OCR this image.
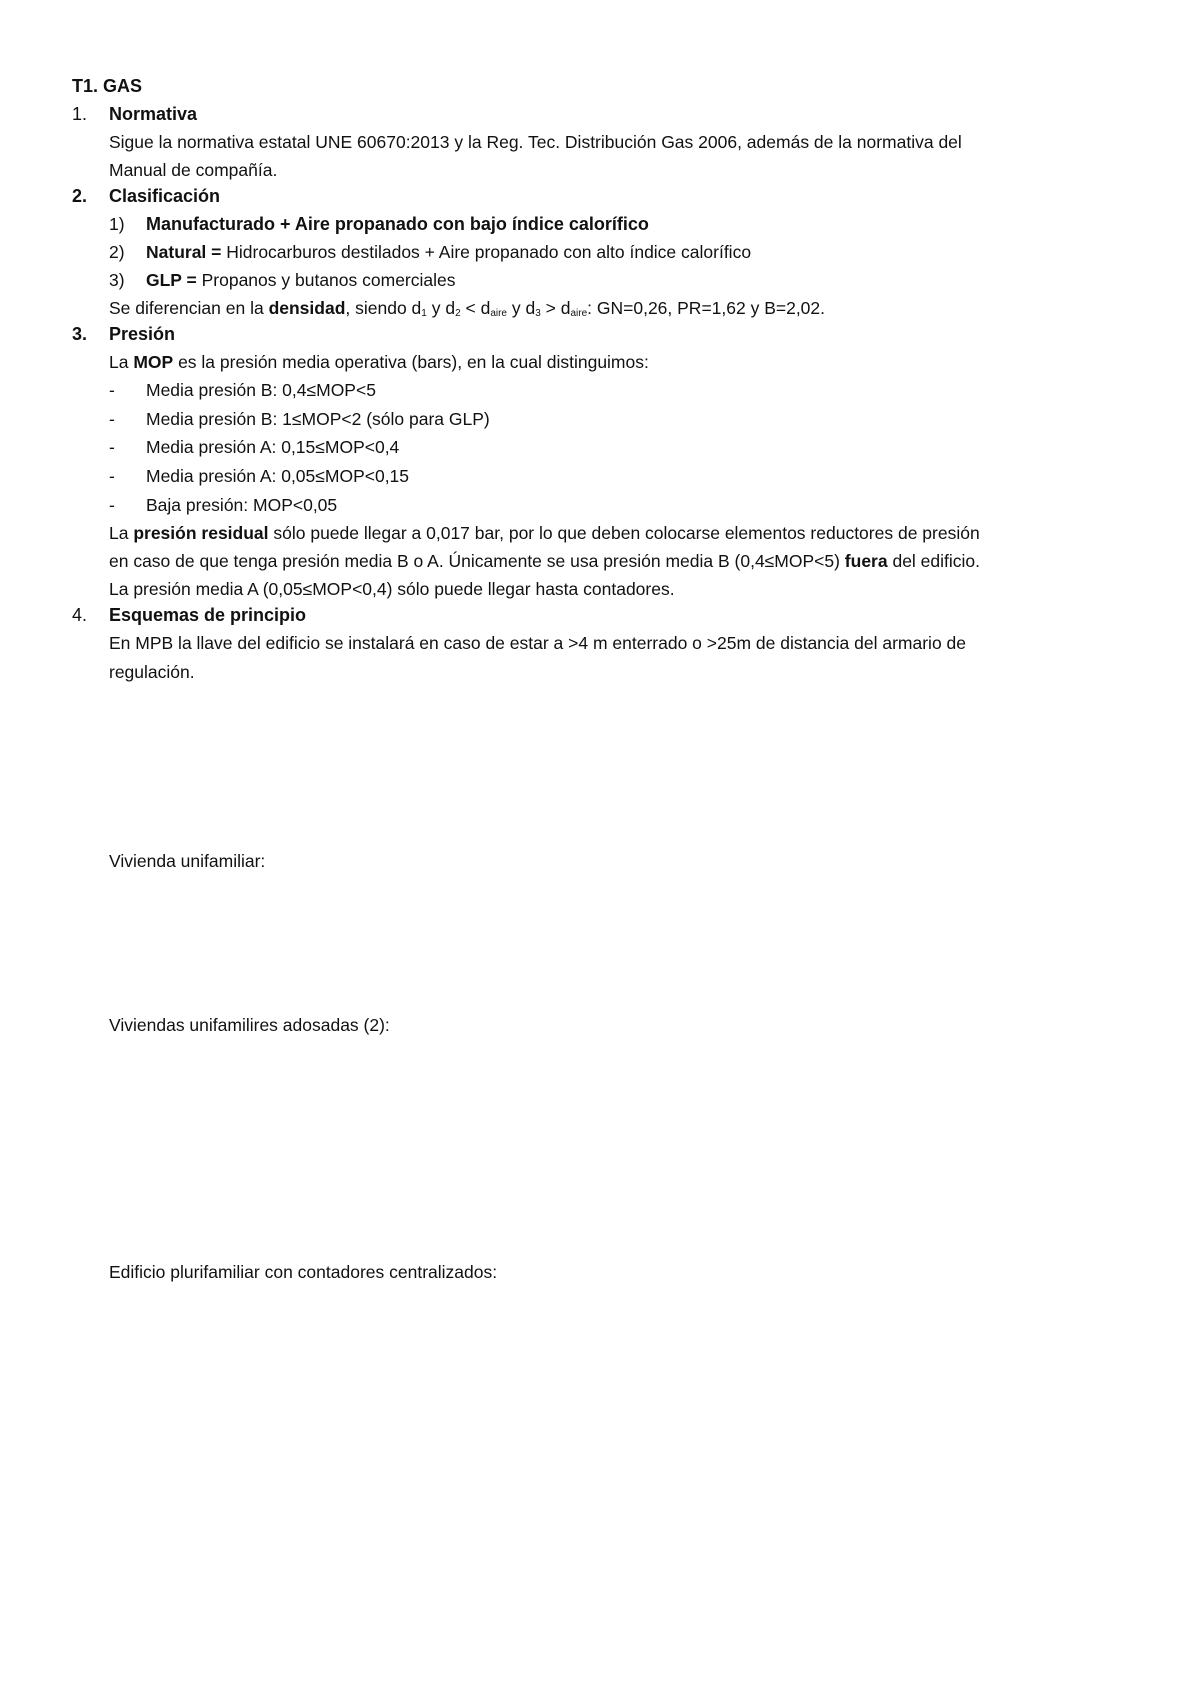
T1. GAS
1. Normativa
Sigue la normativa estatal UNE 60670:2013 y la Reg. Tec. Distribución Gas 2006, además de la normativa del
Manual de compañía.
2. Clasificación
1) Manufacturado + Aire propanado con bajo índice calorífico
2) Natural = Hidrocarburos destilados + Aire propanado con alto índice calorífico
3) GLP = Propanos y butanos comerciales
Se diferencian en la densidad, siendo $d_1$ y $d_2 < d_{aire}$ y $d_3 > d_{aire}$: GN=0,26, PR=1,62 y B=2,02.
3. Presión
La MOP es la presión media operativa (bars), en la cual distinguimos:
- Media presión B: 0,4≤MOP<5
- Media presión B: 1≤MOP<2 (sólo para GLP)
- Media presión A: 0,15≤MOP<0,4
- Media presión A: 0,05≤MOP<0,15
- Baja presión: MOP<0,05
La presión residual sólo puede llegar a 0,017 bar, por lo que deben colocarse elementos reductores de presión
en caso de que tenga presión media B o A. Únicamente se usa presión media B (0,4≤MOP<5) fuera del edificio.
La presión media A (0,05≤MOP<0,4) sólo puede llegar hasta contadores.
4. Esquemas de principio
En MPB la llave del edificio se instalará en caso de estar a >4 m enterrado o >25m de distancia del armario de
regulación.
Vivienda unifamiliar:
Viviendas unifamilires adosadas (2):
Edificio plurifamiliar con contadores centralizados:
